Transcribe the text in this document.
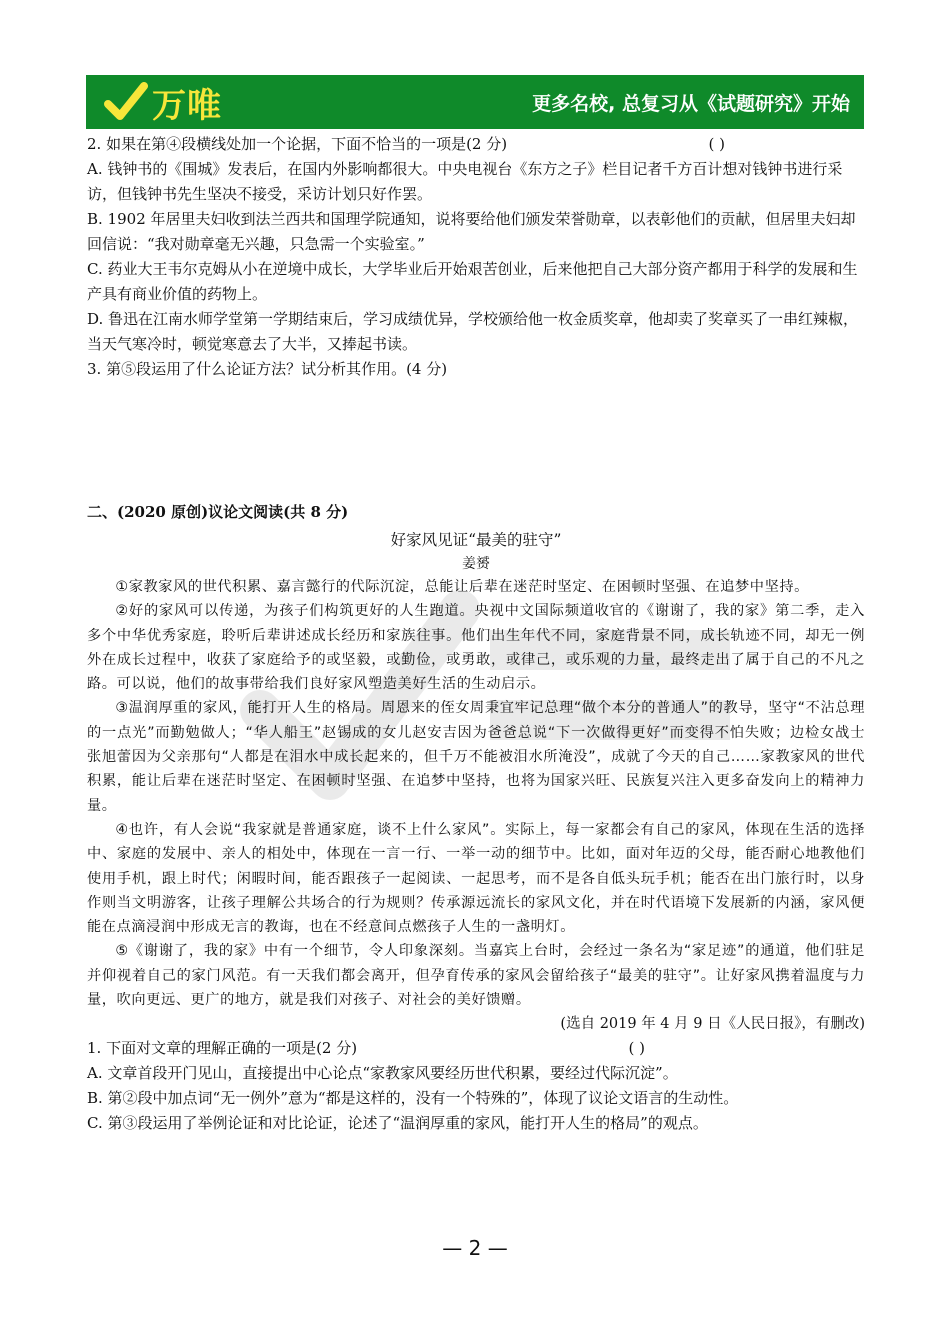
万唯	更多名校, 总复习从《试题研究》开始

2. 如果在第④段横线处加一个论据，下面不恰当的一项是(2 分)	( )

A. 钱钟书的《围城》发表后，在国内外影响都很大。中央电视台《东方之子》栏目记者千方百计想对钱钟书进行采访，但钱钟书先生坚决不接受，采访计划只好作罢。

B. 1902 年居里夫妇收到法兰西共和国理学院通知，说将要给他们颁发荣誉勋章，以表彰他们的贡献，但居里夫妇却回信说：“我对勋章毫无兴趣，只急需一个实验室。”

C. 药业大王韦尔克姆从小在逆境中成长，大学毕业后开始艰苦创业，后来他把自己大部分资产都用于科学的发展和生产具有商业价值的药物上。

D. 鲁迅在江南水师学堂第一学期结束后，学习成绩优异，学校颁给他一枚金质奖章，他却卖了奖章买了一串红辣椒，当天气寒冷时，顿觉寒意去了大半，又捧起书读。

3. 第⑤段运用了什么论证方法？试分析其作用。(4 分)

二、(2020 原创)议论文阅读(共 8 分)

好家风见证“最美的驻守”
姜赟

①家教家风的世代积累、嘉言懿行的代际沉淀，总能让后辈在迷茫时坚定、在困顿时坚强、在追梦中坚持。

②好的家风可以传递，为孩子们构筑更好的人生跑道。央视中文国际频道收官的《谢谢了，我的家》第二季，走入多个中华优秀家庭，聆听后辈讲述成长经历和家族往事。他们出生年代不同，家庭背景不同，成长轨迹不同，却无一例外在成长过程中，收获了家庭给予的或坚毅，或勤俭，或勇敢，或律己，或乐观的力量，最终走出了属于自己的不凡之路。可以说，他们的故事带给我们良好家风塑造美好生活的生动启示。

③温润厚重的家风，能打开人生的格局。周恩来的侄女周秉宜牢记总理“做个本分的普通人”的教导，坚守“不沾总理的一点光”而勤勉做人；“华人船王”赵锡成的女儿赵安吉因为爸爸总说“下一次做得更好”而变得不怕失败；边检女战士张旭蕾因为父亲那句“人都是在泪水中成长起来的，但千万不能被泪水所淹没”，成就了今天的自己……家教家风的世代积累，能让后辈在迷茫时坚定、在困顿时坚强、在追梦中坚持，也将为国家兴旺、民族复兴注入更多奋发向上的精神力量。

④也许，有人会说“我家就是普通家庭，谈不上什么家风”。实际上，每一家都会有自己的家风，体现在生活的选择中、家庭的发展中、亲人的相处中，体现在一言一行、一举一动的细节中。比如，面对年迈的父母，能否耐心地教他们使用手机，跟上时代；闲暇时间，能否跟孩子一起阅读、一起思考，而不是各自低头玩手机；能否在出门旅行时，以身作则当文明游客，让孩子理解公共场合的行为规则？传承源远流长的家风文化，并在时代语境下发展新的内涵，家风便能在点滴浸润中形成无言的教诲，也在不经意间点燃孩子人生的一盏明灯。

⑤《谢谢了，我的家》中有一个细节，令人印象深刻。当嘉宾上台时，会经过一条名为“家足迹”的通道，他们驻足并仰视着自己的家门风范。有一天我们都会离开，但孕育传承的家风会留给孩子“最美的驻守”。让好家风携着温度与力量，吹向更远、更广的地方，就是我们对孩子、对社会的美好馈赠。

(选自 2019 年 4 月 9 日《人民日报》，有删改)

1. 下面对文章的理解正确的一项是(2 分)	( )

A. 文章首段开门见山，直接提出中心论点“家教家风要经历世代积累，要经过代际沉淀”。

B. 第②段中加点词“无一例外”意为“都是这样的，没有一个特殊的”，体现了议论文语言的生动性。

C. 第③段运用了举例论证和对比论证，论述了“温润厚重的家风，能打开人生的格局”的观点。

— 2 —
